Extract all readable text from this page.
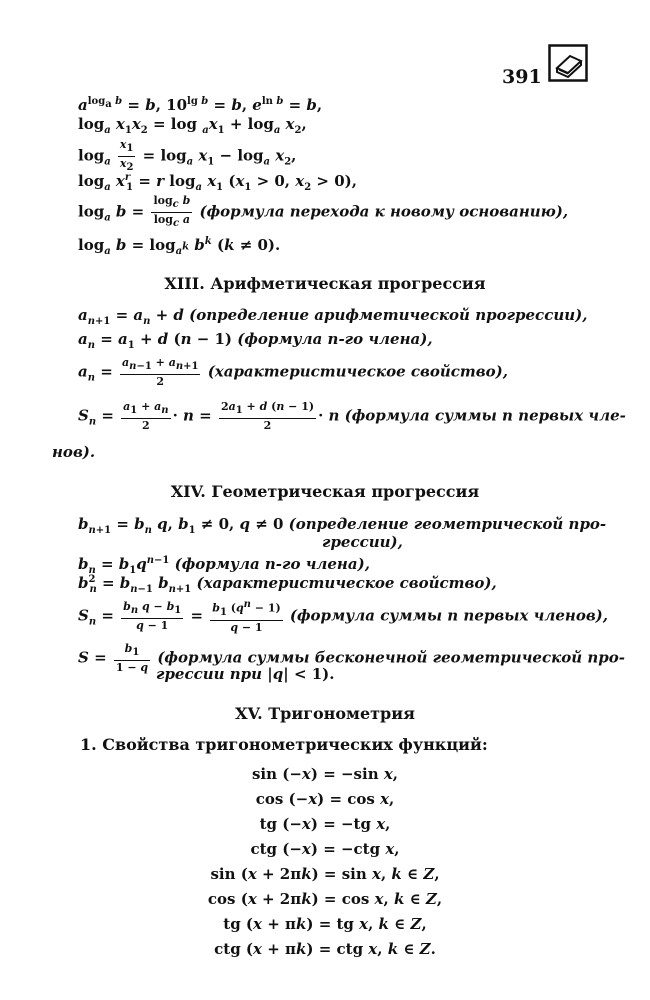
391
$a^{log_a b} = b$, $10^{lg b} = b$, $e^{ln b} = b$,
$\log_a x_1x_2 = \log _ax_1 + \log_a x_2$,
$\log_a \frac{x_1}{x_2} = \log_a x_1 - \log_a x_2$,
$\log_a x^r_1 = r$ $\log_a x_1$ ($x_1 > 0$, $x_2 > 0$),
$\log_a b = \frac{\log_c b}{\log_c a}$ (формула перехода к новому основанию),
$\log_a b = \log_{a^k} b^k$ (k ≠ 0).
XIII. Арифметическая прогрессия
$a_{n+1} = a_n + d$ (определение арифметической прогрессии),
$a_n = a_1 + d$ (n − 1) (формула n-го члена),
$a_n = \frac{a_{n-1} + a_{n+1}}{2}$ (характеристическое свойство),
$S_n = \frac{a_1 + a_n}{2} \cdot n = \frac{2a_1 + d (n - 1)}{2} \cdot n$ (формула суммы n первых чле-
нов).
XIV. Геометрическая прогрессия
$b_{n+1} = b_n$ q, $b_1 \ne 0$, q ≠ 0 (определение геометрической про-
грессии),
$b_n = b_1q^{n-1}$ (формула n-го члена),
$b^2_n = b_{n-1}$ $b_{n+1}$ (характеристическое свойство),
$S_n = \frac{b_n q - b_1}{q - 1} = \frac{b_1 (q^n - 1)}{q - 1}$ (формула суммы n первых членов),
$S = \frac{b_1}{1 - q}$ (формула суммы бесконечной геометрической про-
грессии при |q| < 1).
XV. Тригонометрия
1. Свойства тригонометрических функций:
sin (−x) = −sin x,
cos (−x) = cos x,
tg (−x) = −tg x,
ctg (−x) = −ctg x,
sin (x + 2πk) = sin x, k ∈ Z,
cos (x + 2πk) = cos x, k ∈ Z,
tg (x + πk) = tg x, k ∈ Z,
ctg (x + πk) = ctg x, k ∈ Z.
